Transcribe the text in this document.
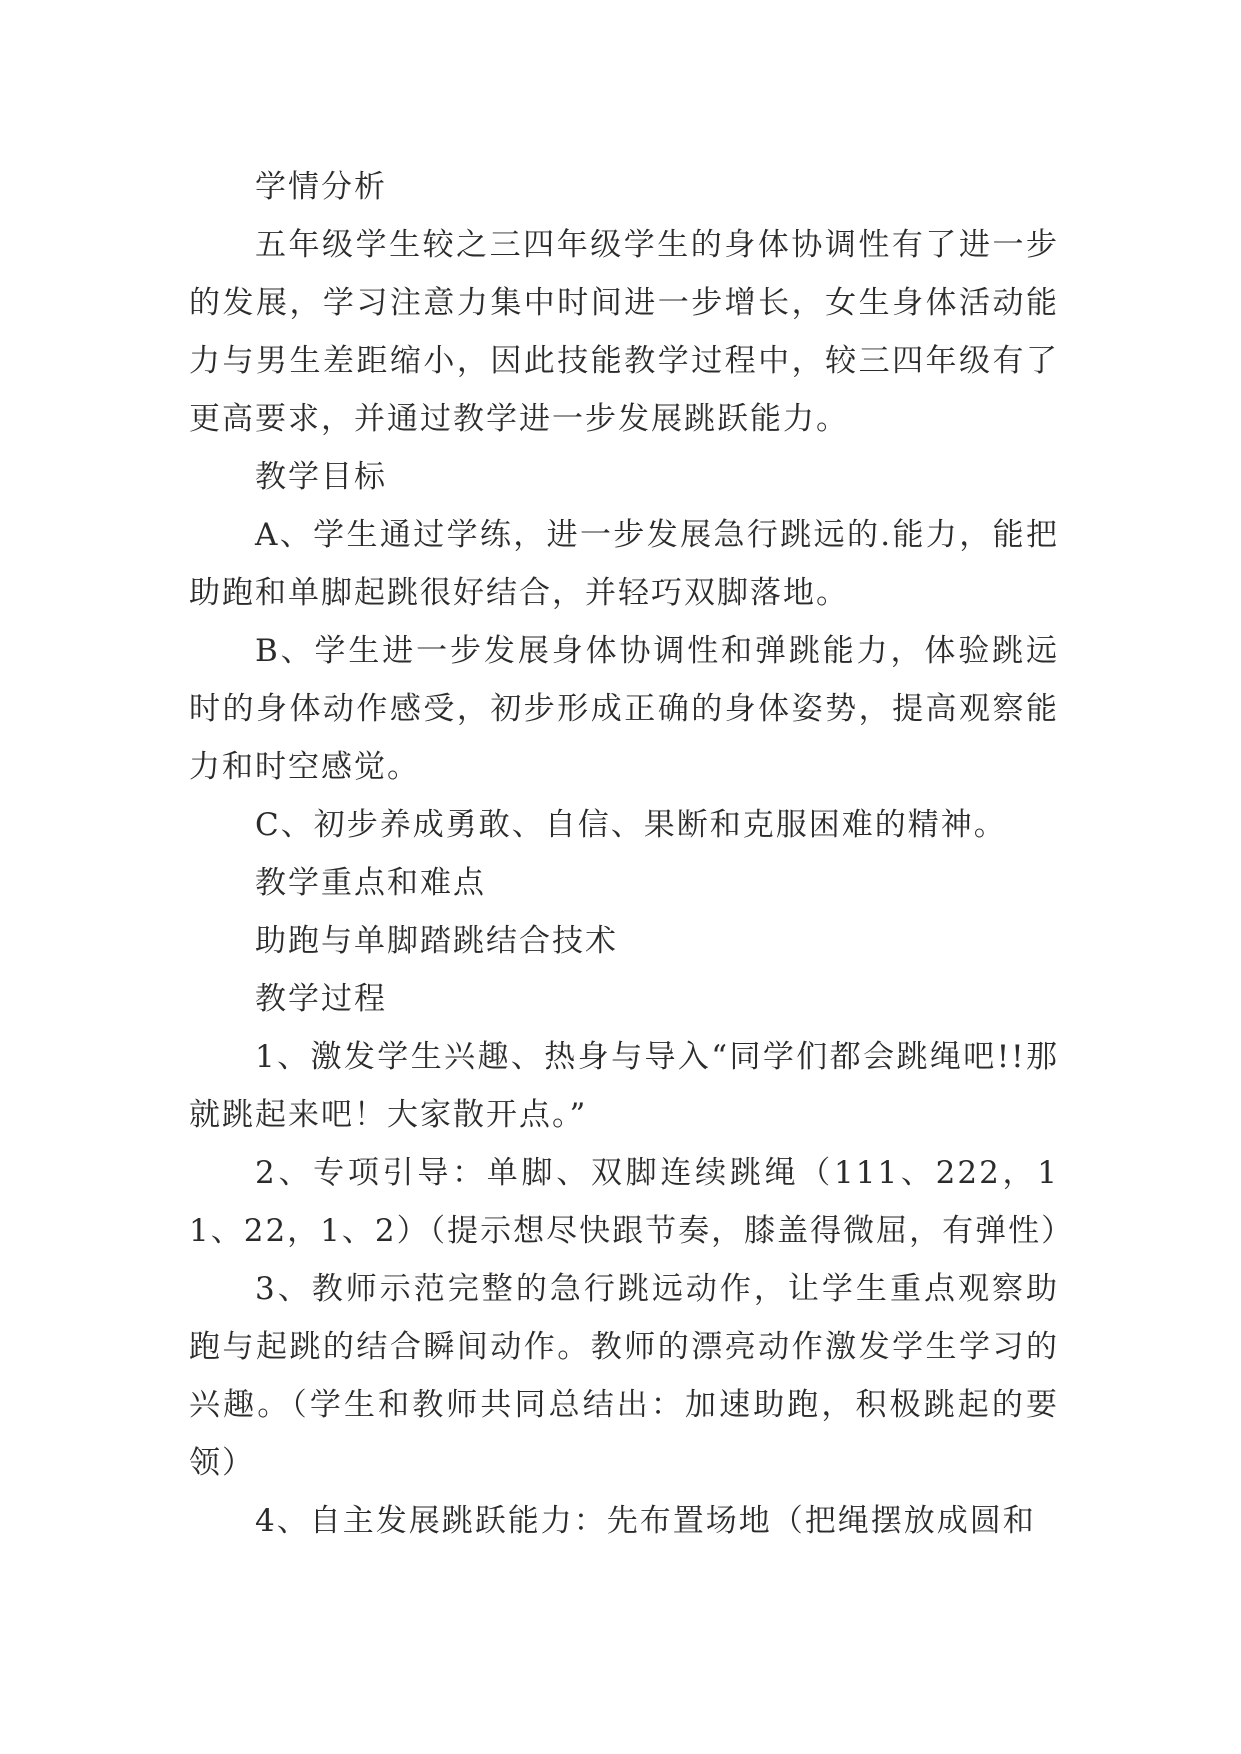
学情分析

五年级学生较之三四年级学生的身体协调性有了进一步的发展，学习注意力集中时间进一步增长，女生身体活动能力与男生差距缩小，因此技能教学过程中，较三四年级有了更高要求，并通过教学进一步发展跳跃能力。

教学目标

A、学生通过学练，进一步发展急行跳远的.能力，能把助跑和单脚起跳很好结合，并轻巧双脚落地。

B、学生进一步发展身体协调性和弹跳能力，体验跳远时的身体动作感受，初步形成正确的身体姿势，提高观察能力和时空感觉。

C、初步养成勇敢、自信、果断和克服困难的精神。

教学重点和难点

助跑与单脚踏跳结合技术

教学过程

1、激发学生兴趣、热身与导入“同学们都会跳绳吧!!那就跳起来吧！大家散开点。”

2、专项引导：单脚、双脚连续跳绳（111、222，11、22，1、2）（提示想尽快跟节奏，膝盖得微屈，有弹性）

3、教师示范完整的急行跳远动作，让学生重点观察助跑与起跳的结合瞬间动作。教师的漂亮动作激发学生学习的兴趣。（学生和教师共同总结出：加速助跑，积极跳起的要领）

4、自主发展跳跃能力：先布置场地（把绳摆放成圆和
